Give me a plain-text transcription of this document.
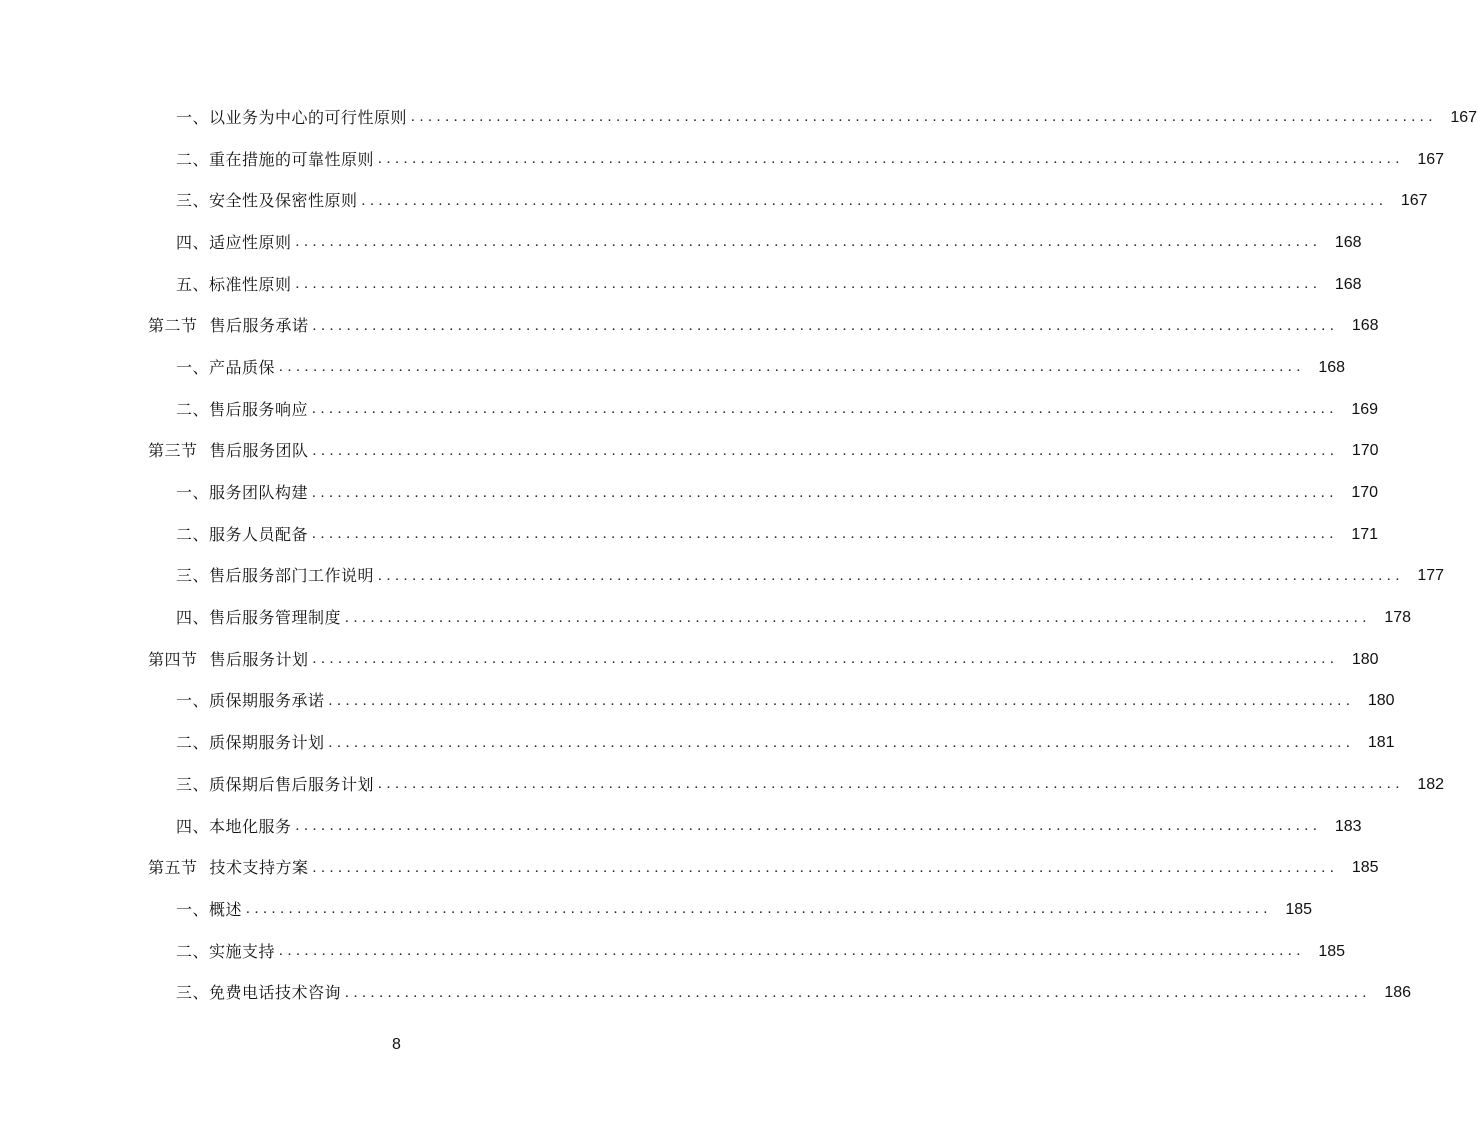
一、以业务为中心的可行性原则 ........................................................................................................................ 167
二、重在措施的可靠性原则 ........................................................................................................................ 167
三、安全性及保密性原则 ........................................................................................................................ 167
四、适应性原则 ........................................................................................................................ 168
五、标准性原则 ........................................................................................................................ 168
第二节 售后服务承诺 ........................................................................................................................ 168
一、产品质保 ........................................................................................................................ 168
二、售后服务响应 ........................................................................................................................ 169
第三节 售后服务团队 ........................................................................................................................ 170
一、服务团队构建 ........................................................................................................................ 170
二、服务人员配备 ........................................................................................................................ 171
三、售后服务部门工作说明 ........................................................................................................................ 177
四、售后服务管理制度 ........................................................................................................................ 178
第四节 售后服务计划 ........................................................................................................................ 180
一、质保期服务承诺 ........................................................................................................................ 180
二、质保期服务计划 ........................................................................................................................ 181
三、质保期后售后服务计划 ........................................................................................................................ 182
四、本地化服务 ........................................................................................................................ 183
第五节 技术支持方案 ........................................................................................................................ 185
一、概述 ........................................................................................................................ 185
二、实施支持 ........................................................................................................................ 185
三、免费电话技术咨询 ........................................................................................................................ 186
8
